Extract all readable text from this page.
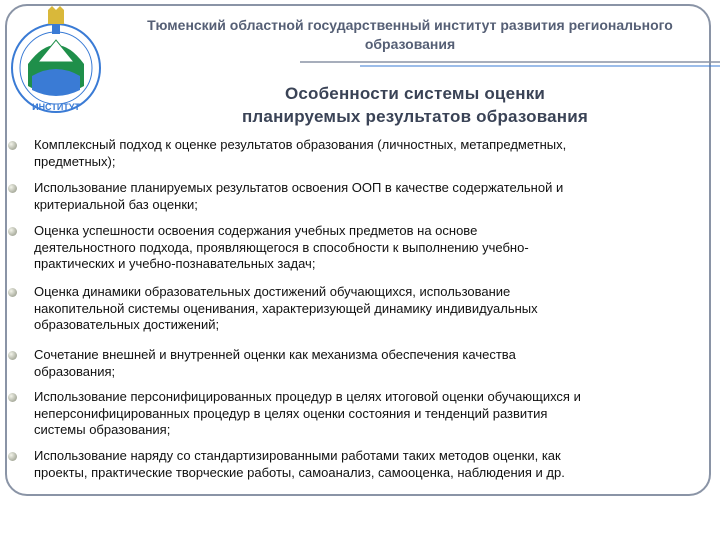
ИНСТИТУТ
Тюменский областной государственный институт развития регионального
образования
Особенности системы оценки
планируемых результатов образования
Комплексный подход к оценке результатов образования (личностных, метапредметных,
предметных);
Использование планируемых результатов освоения ООП в качестве содержательной и
критериальной баз оценки;
Оценка успешности освоения содержания учебных предметов на основе
деятельностного подхода, проявляющегося в способности к выполнению учебно-
практических и учебно-познавательных задач;
Оценка динамики образовательных достижений обучающихся, использование
накопительной системы оценивания, характеризующей динамику индивидуальных
образовательных достижений;
Сочетание внешней и внутренней оценки как механизма обеспечения качества
образования;
Использование персонифицированных процедур в целях итоговой оценки обучающихся и
неперсонифицированных процедур в целях оценки состояния и тенденций развития
системы образования;
Использование наряду со стандартизированными работами таких методов оценки, как
проекты, практические творческие работы, самоанализ, самооценка, наблюдения и др.
